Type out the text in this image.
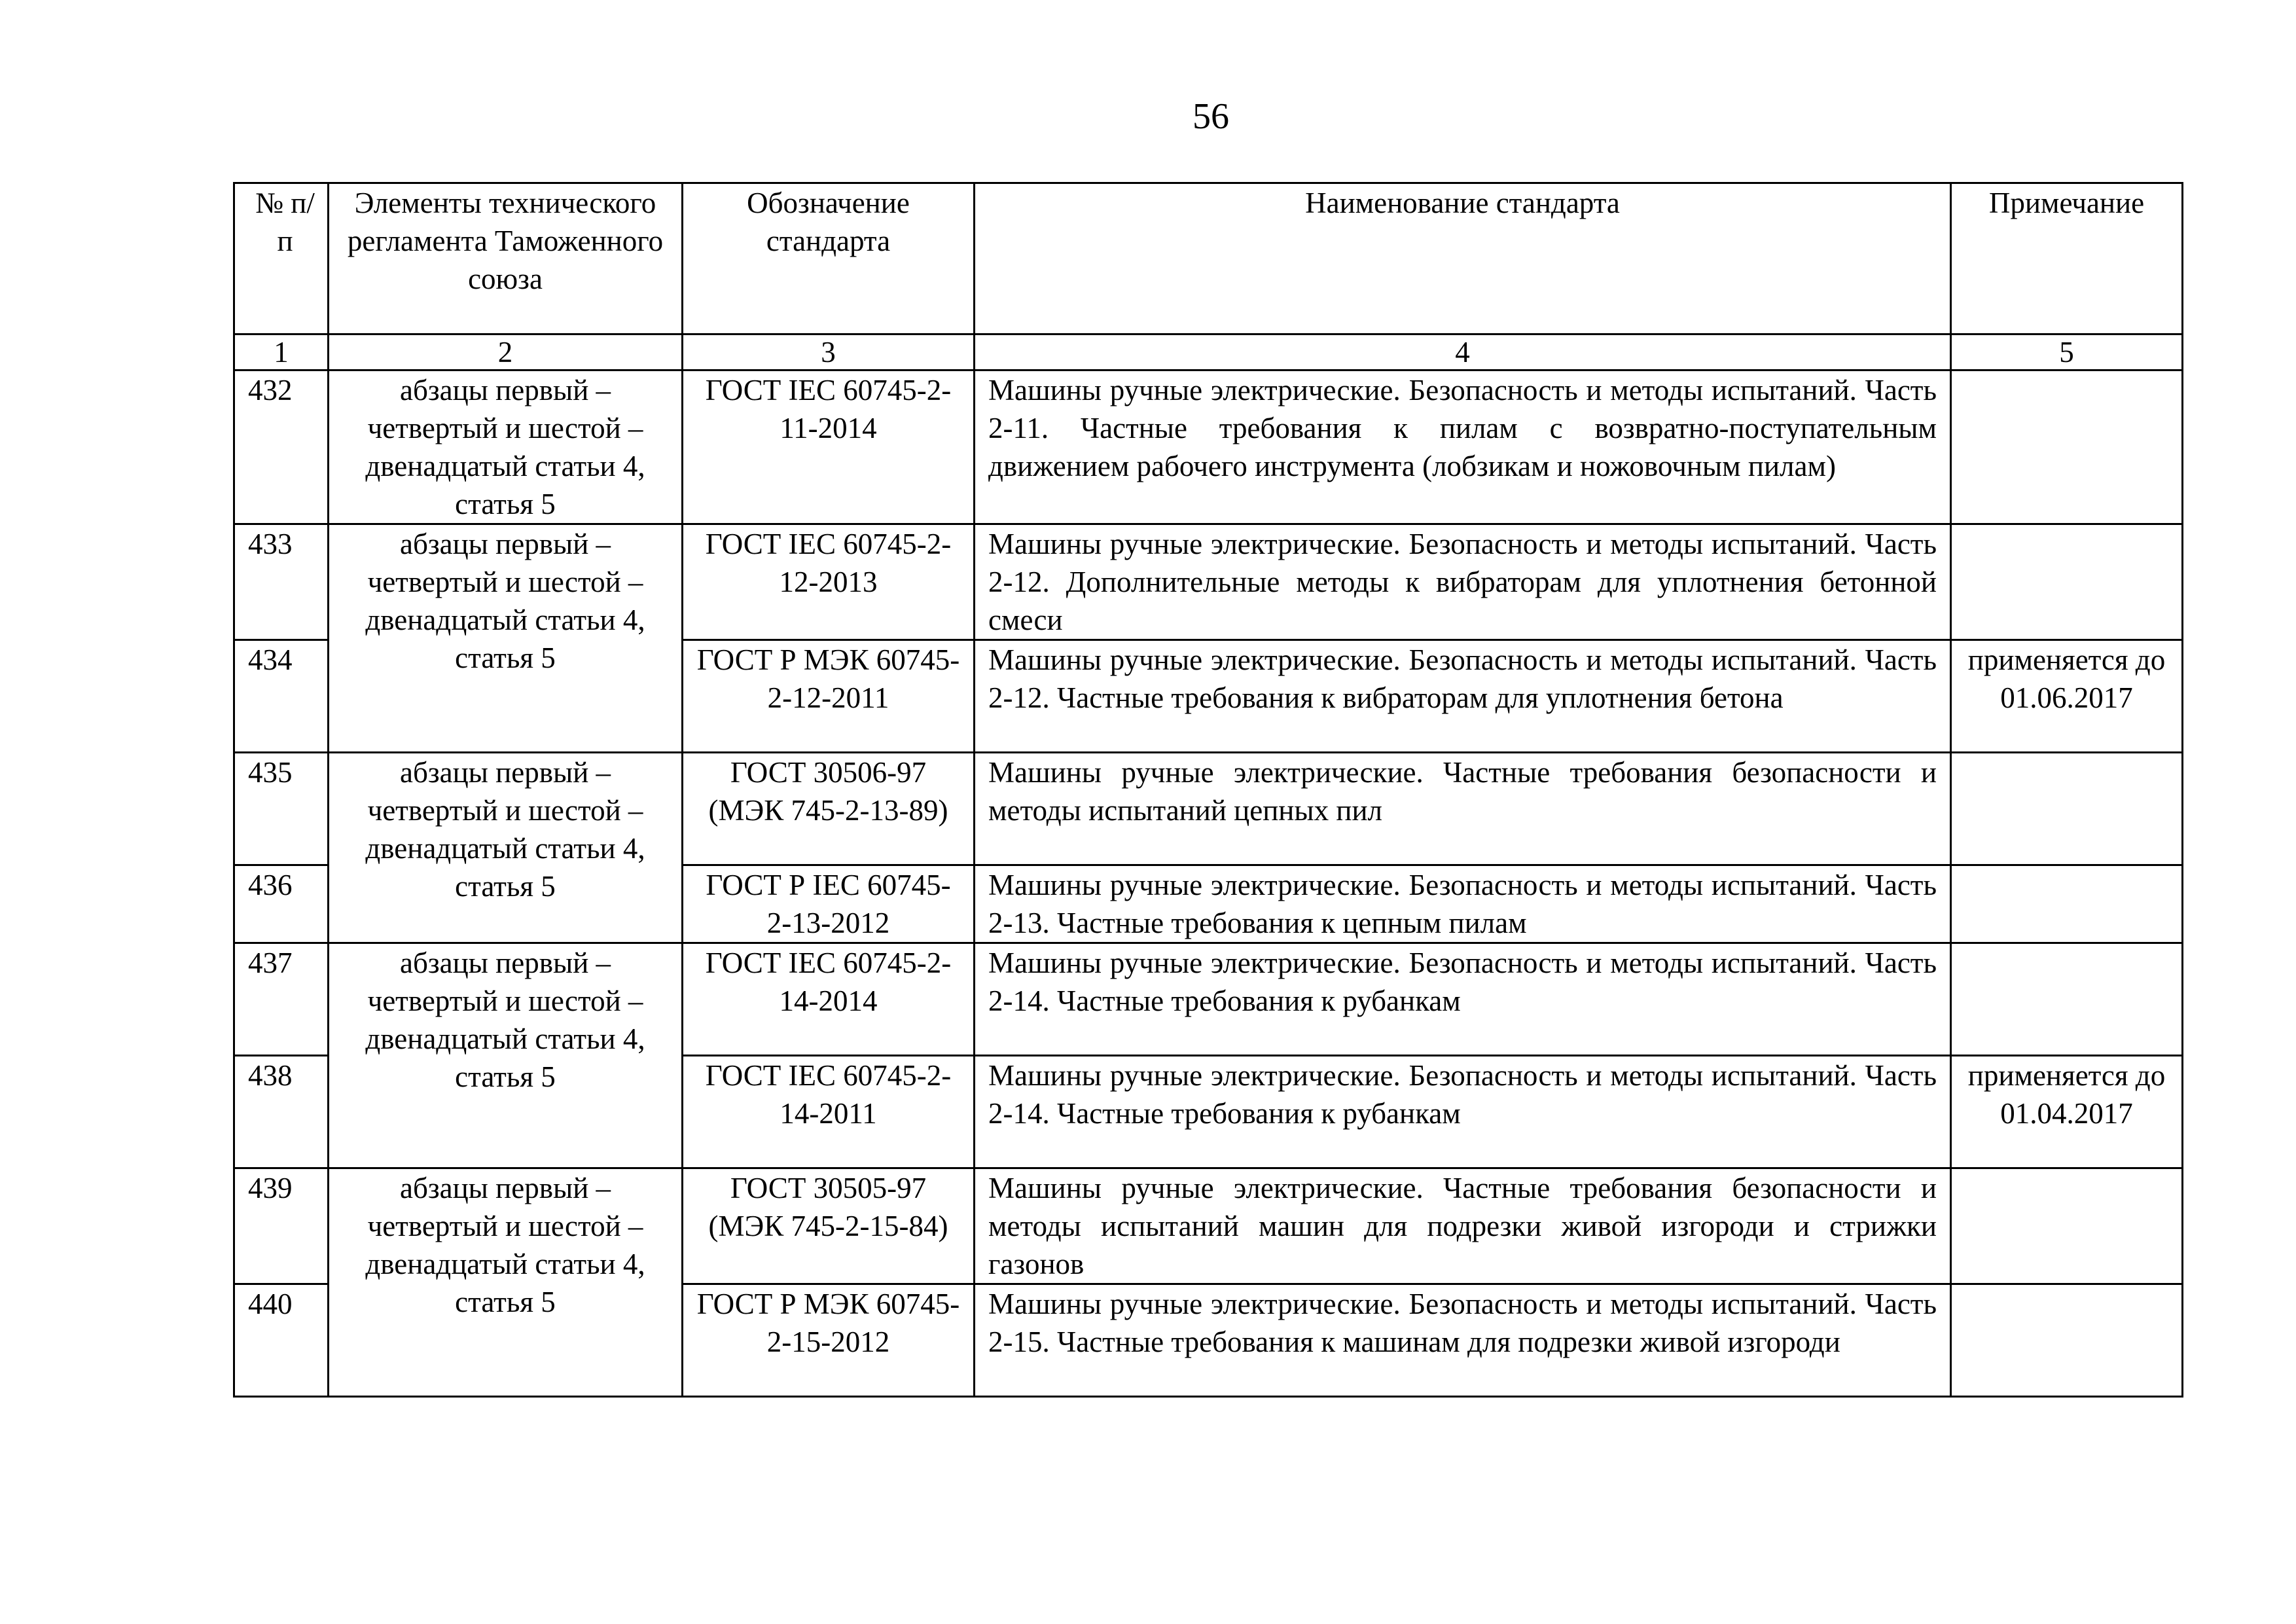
56
№ п/п	Элементы технического регламента Таможенного союза	Обозначение стандарта	Наименование стандарта	Примечание
1	2	3	4	5
432	абзацы первый – четвертый и шестой – двенадцатый статьи 4, статья 5	ГОСТ IEC 60745-2-11-2014	Машины ручные электрические. Безопасность и методы испытаний. Часть 2-11. Частные требования к пилам с возвратно-поступательным движением рабочего инструмента (лобзикам и ножовочным пилам)	
433	абзацы первый – четвертый и шестой – двенадцатый статьи 4, статья 5	ГОСТ IEC 60745-2-12-2013	Машины ручные электрические. Безопасность и методы испытаний. Часть 2-12. Дополнительные методы к вибраторам для уплотнения бетонной смеси	
434		ГОСТ Р МЭК 60745-2-12-2011	Машины ручные электрические. Безопасность и методы испытаний. Часть 2-12. Частные требования к вибраторам для уплотнения бетона	применяется до 01.06.2017
435	абзацы первый – четвертый и шестой – двенадцатый статьи 4, статья 5	ГОСТ 30506-97 (МЭК 745-2-13-89)	Машины ручные электрические. Частные требования безопасности и методы испытаний цепных пил	
436		ГОСТ Р IEC 60745-2-13-2012	Машины ручные электрические. Безопасность и методы испытаний. Часть 2-13. Частные требования к цепным пилам	
437	абзацы первый – четвертый и шестой – двенадцатый статьи 4, статья 5	ГОСТ IEC 60745-2-14-2014	Машины ручные электрические. Безопасность и методы испытаний. Часть 2-14. Частные требования к рубанкам	
438		ГОСТ IEC 60745-2-14-2011	Машины ручные электрические. Безопасность и методы испытаний. Часть 2-14. Частные требования к рубанкам	применяется до 01.04.2017
439	абзацы первый – четвертый и шестой – двенадцатый статьи 4, статья 5	ГОСТ 30505-97 (МЭК 745-2-15-84)	Машины ручные электрические. Частные требования безопасности и методы испытаний машин для подрезки живой изгороди и стрижки газонов	
440		ГОСТ Р МЭК 60745-2-15-2012	Машины ручные электрические. Безопасность и методы испытаний. Часть 2-15. Частные требования к машинам для подрезки живой изгороди	
